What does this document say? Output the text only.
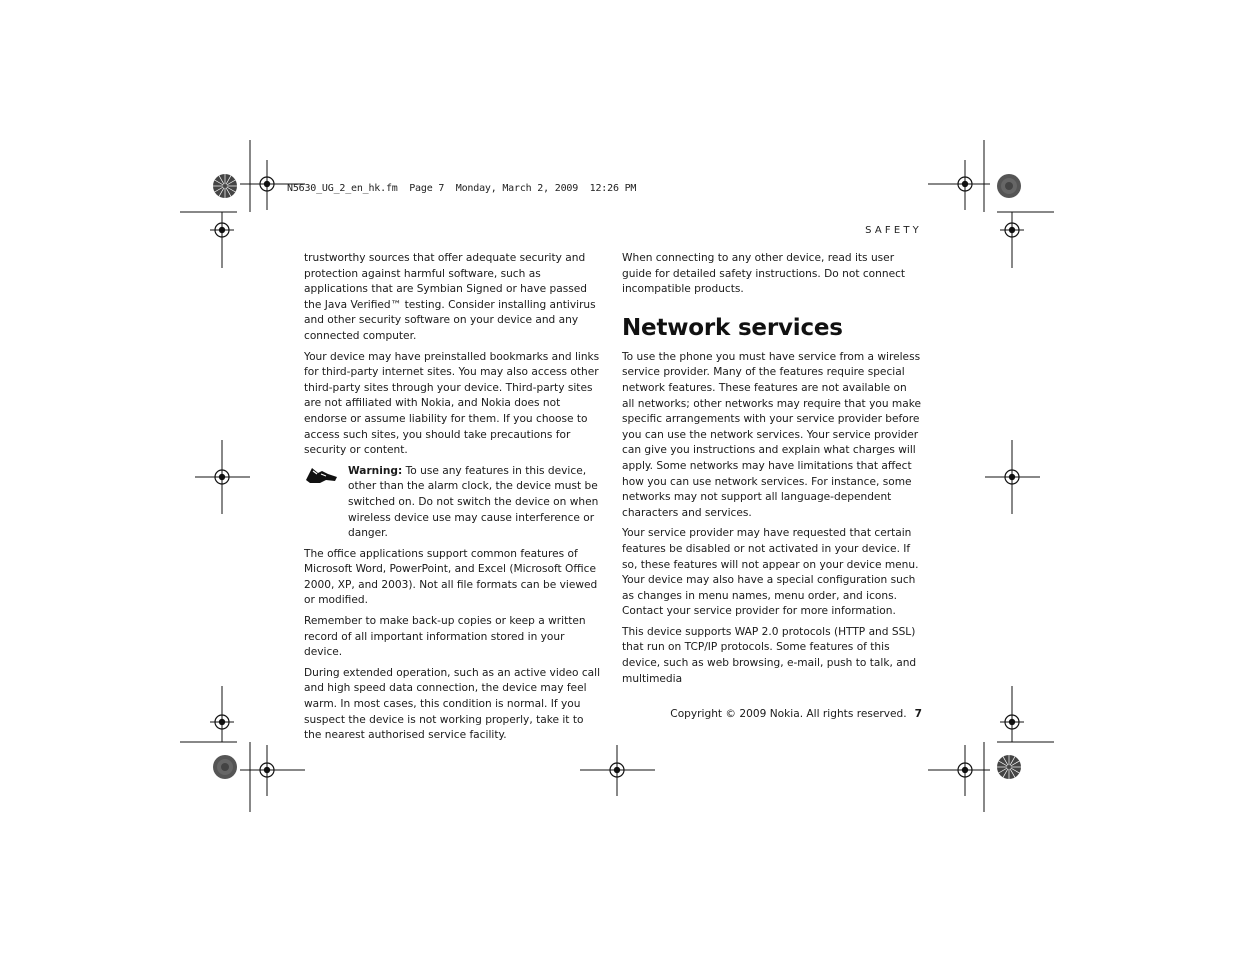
N5630_UG_2_en_hk.fm  Page 7  Monday, March 2, 2009  12:26 PM
SAFETY

trustworthy sources that offer adequate security and protection against harmful software, such as applications that are Symbian Signed or have passed the Java Verified™ testing. Consider installing antivirus and other security software on your device and any connected computer.

Your device may have preinstalled bookmarks and links for third-party internet sites. You may also access other third-party sites through your device. Third-party sites are not affiliated with Nokia, and Nokia does not endorse or assume liability for them. If you choose to access such sites, you should take precautions for security or content.

Warning: To use any features in this device, other than the alarm clock, the device must be switched on. Do not switch the device on when wireless device use may cause interference or danger.

The office applications support common features of Microsoft Word, PowerPoint, and Excel (Microsoft Office 2000, XP, and 2003). Not all file formats can be viewed or modified.

Remember to make back-up copies or keep a written record of all important information stored in your device.

During extended operation, such as an active video call and high speed data connection, the device may feel warm. In most cases, this condition is normal. If you suspect the device is not working properly, take it to the nearest authorised service facility.

When connecting to any other device, read its user guide for detailed safety instructions. Do not connect incompatible products.

Network services

To use the phone you must have service from a wireless service provider. Many of the features require special network features. These features are not available on all networks; other networks may require that you make specific arrangements with your service provider before you can use the network services. Your service provider can give you instructions and explain what charges will apply. Some networks may have limitations that affect how you can use network services. For instance, some networks may not support all language-dependent characters and services.

Your service provider may have requested that certain features be disabled or not activated in your device. If so, these features will not appear on your device menu. Your device may also have a special configuration such as changes in menu names, menu order, and icons. Contact your service provider for more information.

This device supports WAP 2.0 protocols (HTTP and SSL) that run on TCP/IP protocols. Some features of this device, such as web browsing, e-mail, push to talk, and multimedia

Copyright © 2009 Nokia. All rights reserved. 7
